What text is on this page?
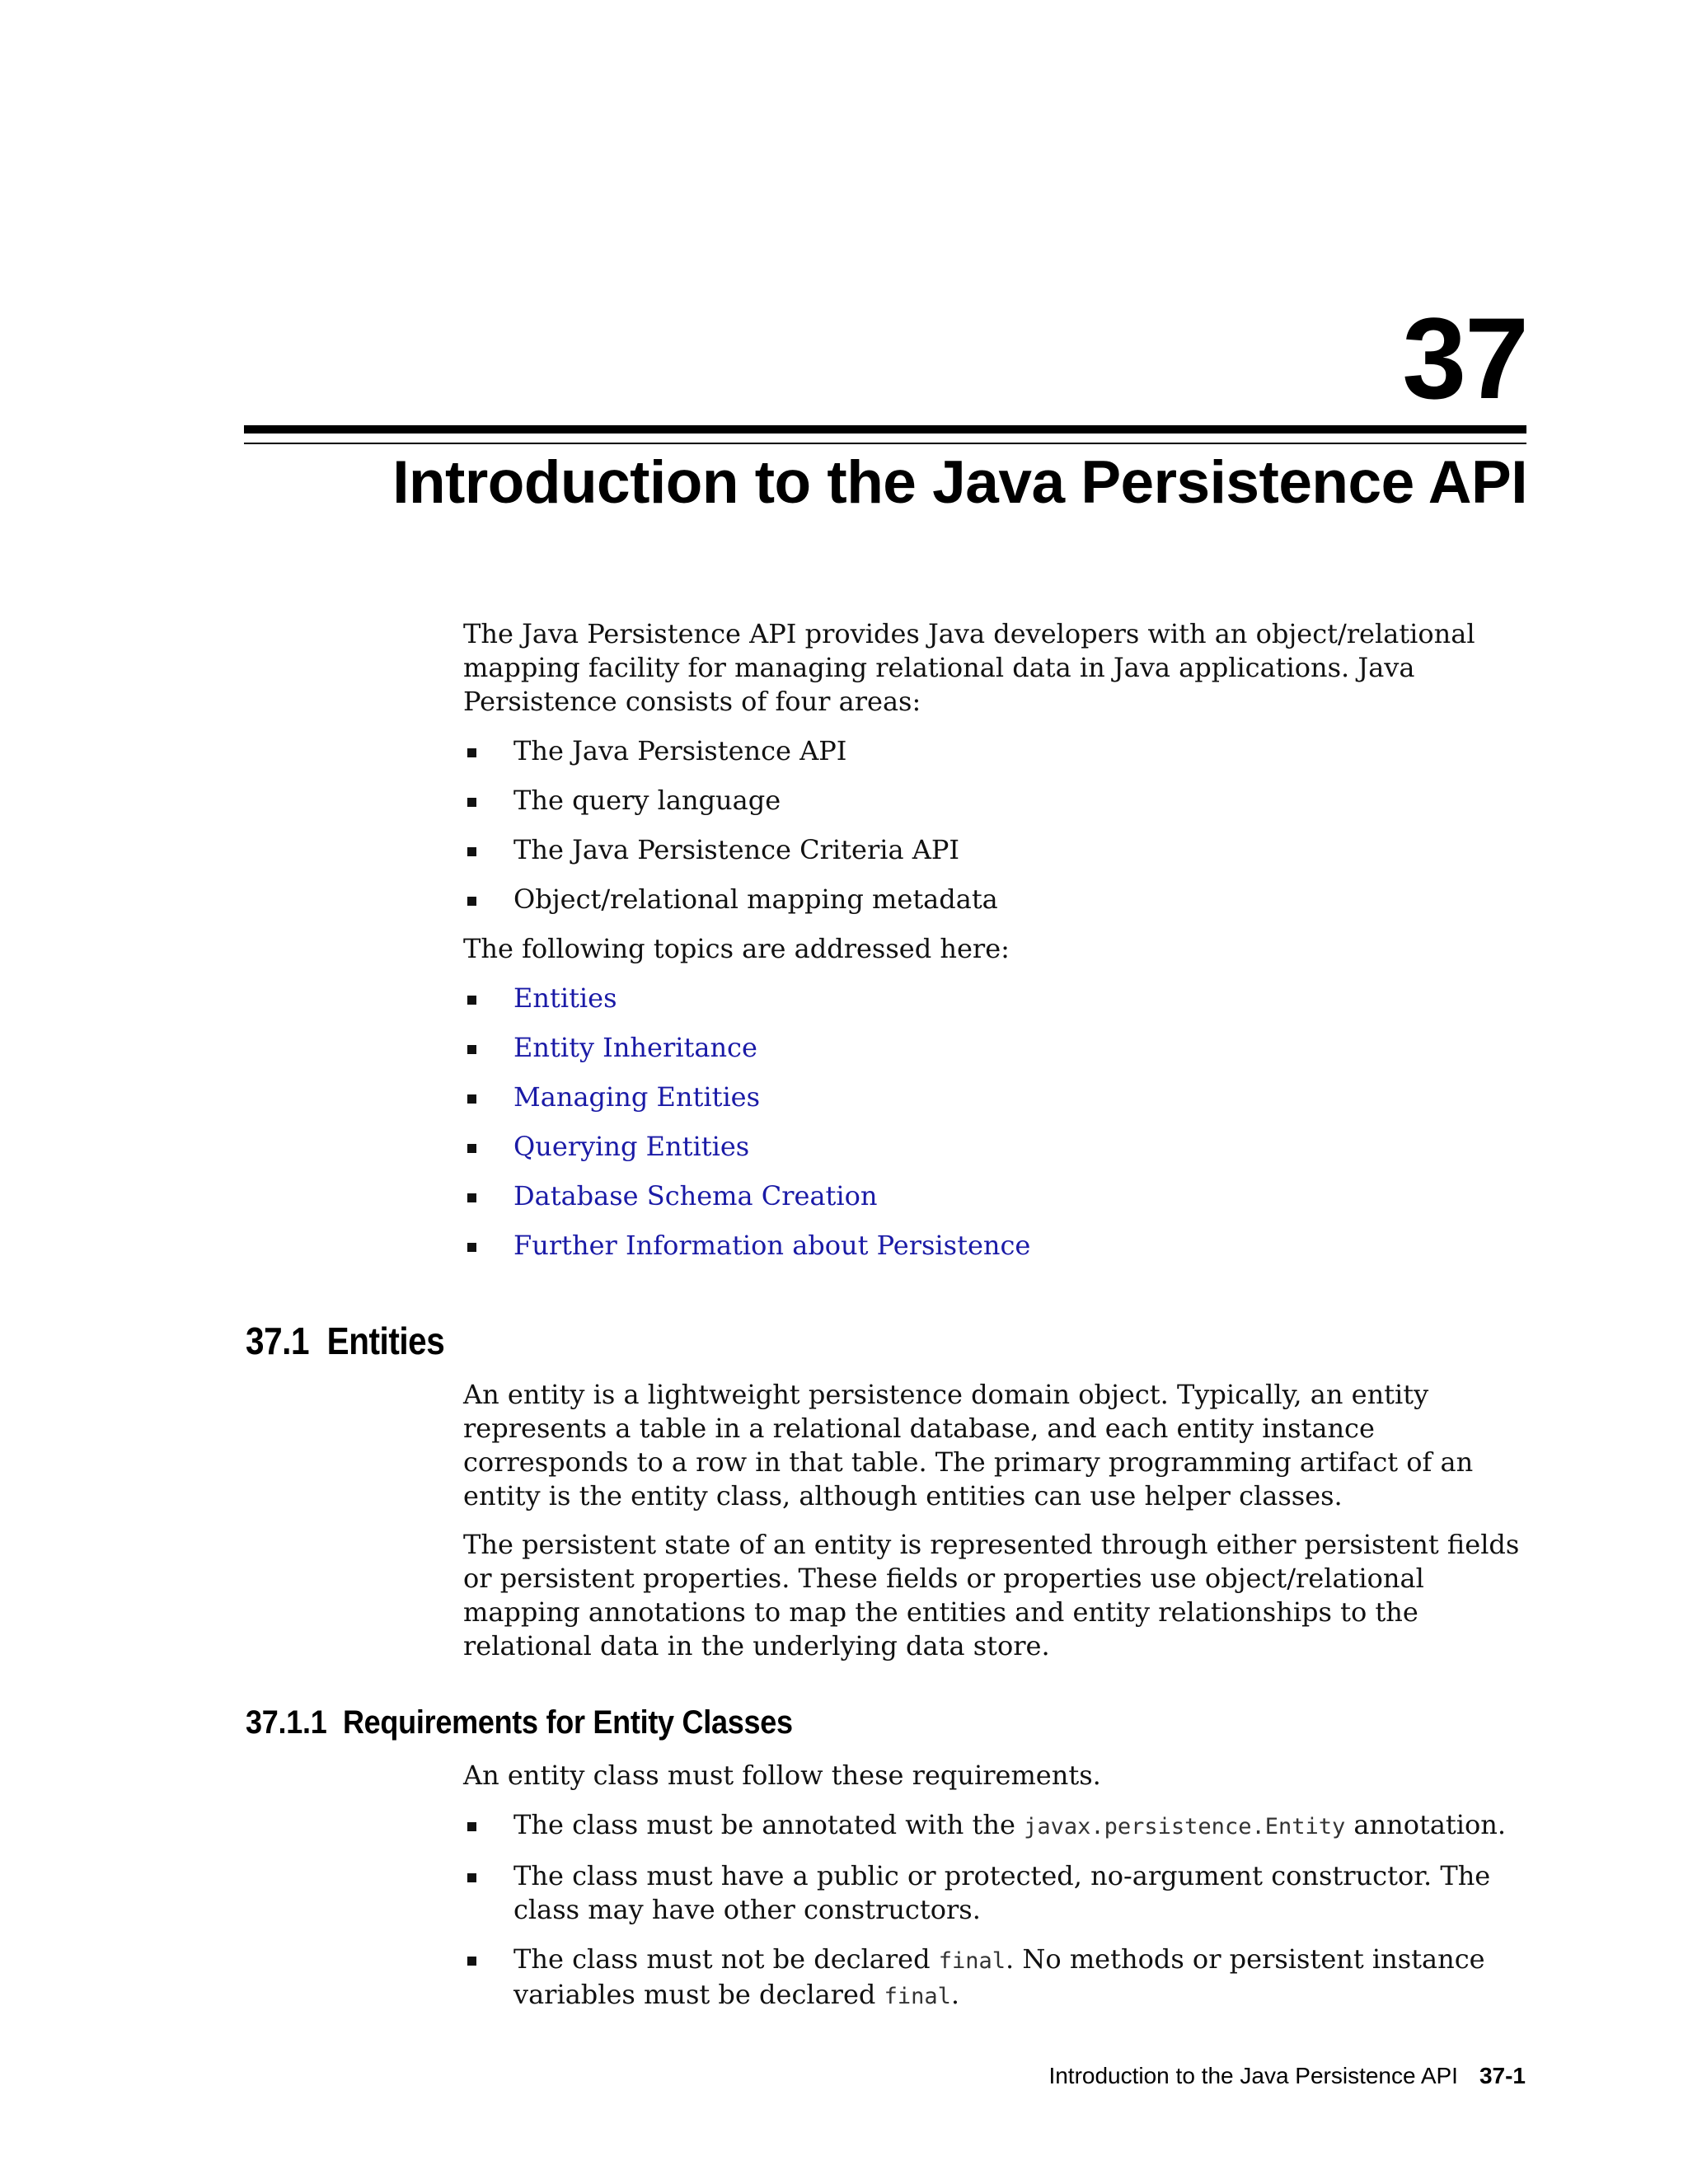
37
Introduction to the Java Persistence API

The Java Persistence API provides Java developers with an object/relational mapping facility for managing relational data in Java applications. Java Persistence consists of four areas:

The Java Persistence API
The query language
The Java Persistence Criteria API
Object/relational mapping metadata

The following topics are addressed here:

Entities
Entity Inheritance
Managing Entities
Querying Entities
Database Schema Creation
Further Information about Persistence
37.1 Entities

An entity is a lightweight persistence domain object. Typically, an entity represents a table in a relational database, and each entity instance corresponds to a row in that table. The primary programming artifact of an entity is the entity class, although entities can use helper classes.

The persistent state of an entity is represented through either persistent fields or persistent properties. These fields or properties use object/relational mapping annotations to map the entities and entity relationships to the relational data in the underlying data store.

37.1.1 Requirements for Entity Classes

An entity class must follow these requirements.

The class must be annotated with the javax.persistence.Entity annotation.
The class must have a public or protected, no-argument constructor. The class may have other constructors.
The class must not be declared final. No methods or persistent instance variables must be declared final.
Introduction to the Java Persistence API 37-1
